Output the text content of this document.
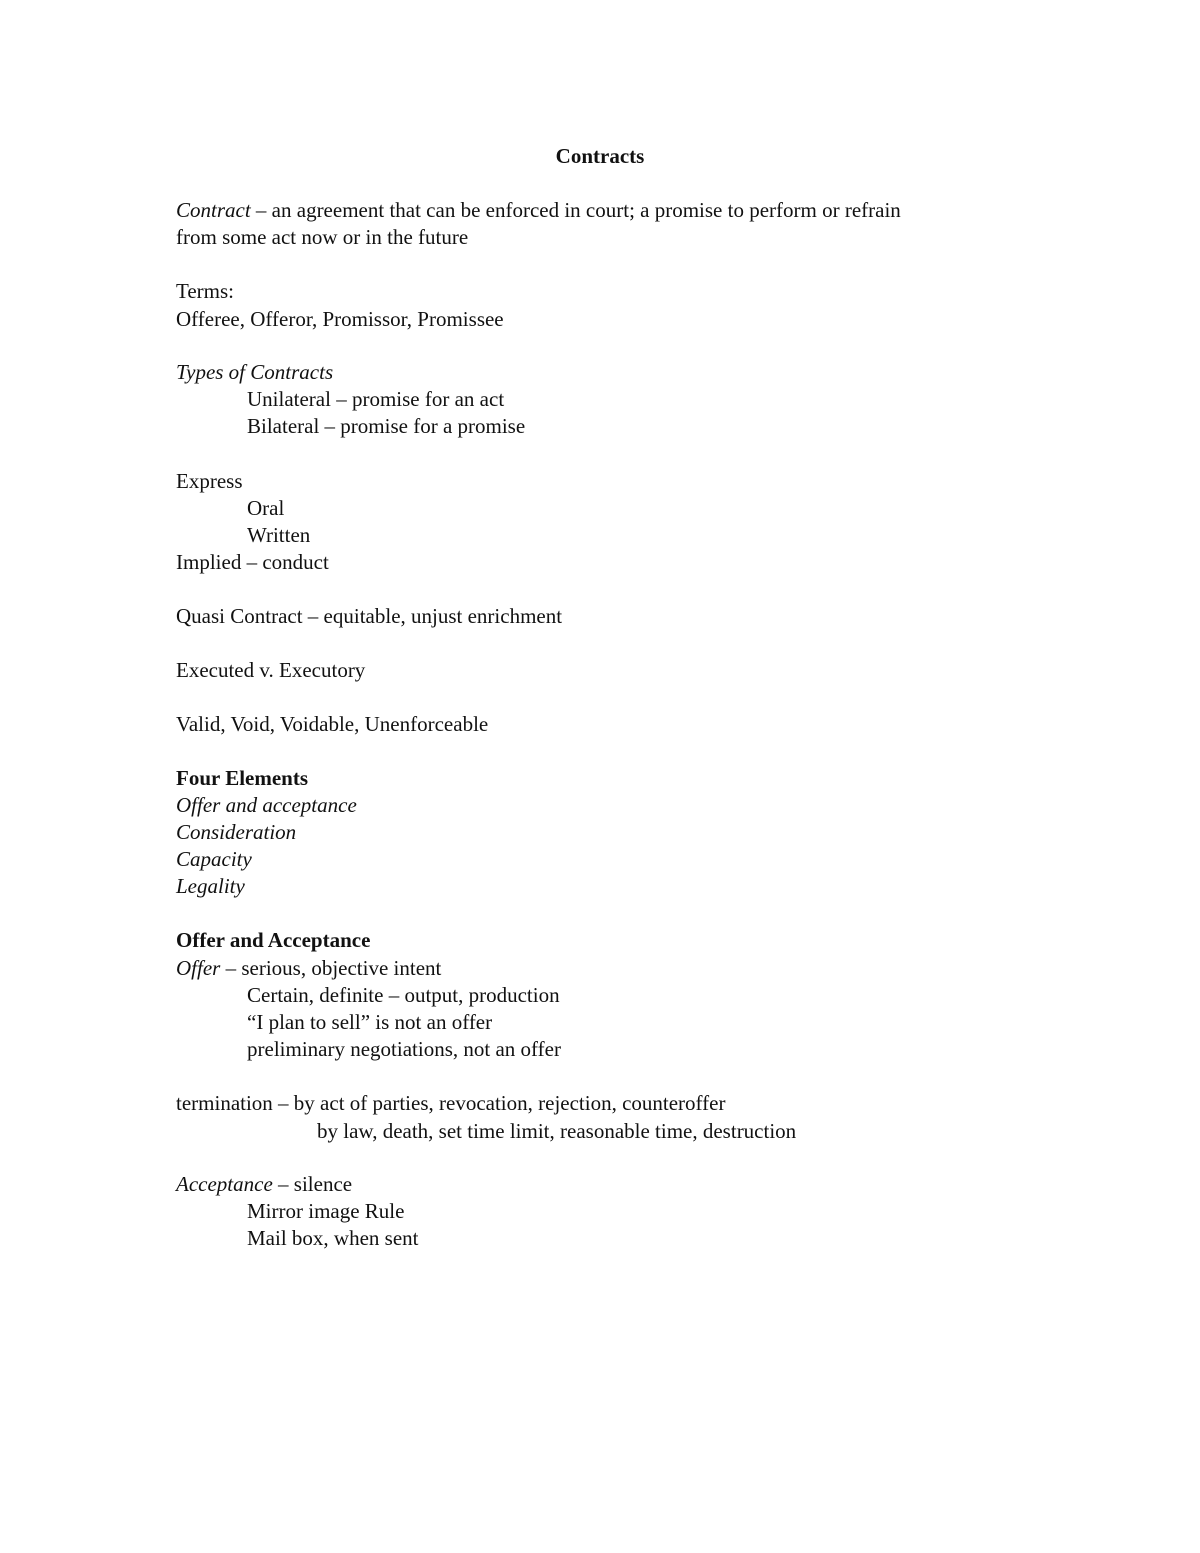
Contracts
Contract – an agreement that can be enforced in court; a promise to perform or refrain
from some act now or in the future
Terms:
Offeree, Offeror, Promissor, Promissee
Types of Contracts
Unilateral – promise for an act
Bilateral – promise for a promise
Express
Oral
Written
Implied – conduct
Quasi Contract – equitable, unjust enrichment
Executed v. Executory
Valid, Void, Voidable, Unenforceable
Four Elements
Offer and acceptance
Consideration
Capacity
Legality
Offer and Acceptance
Offer – serious, objective intent
Certain, definite – output, production
“I plan to sell” is not an offer
preliminary negotiations, not an offer
termination – by act of parties, revocation, rejection, counteroffer
by law, death, set time limit, reasonable time, destruction
Acceptance – silence
Mirror image Rule
Mail box, when sent
